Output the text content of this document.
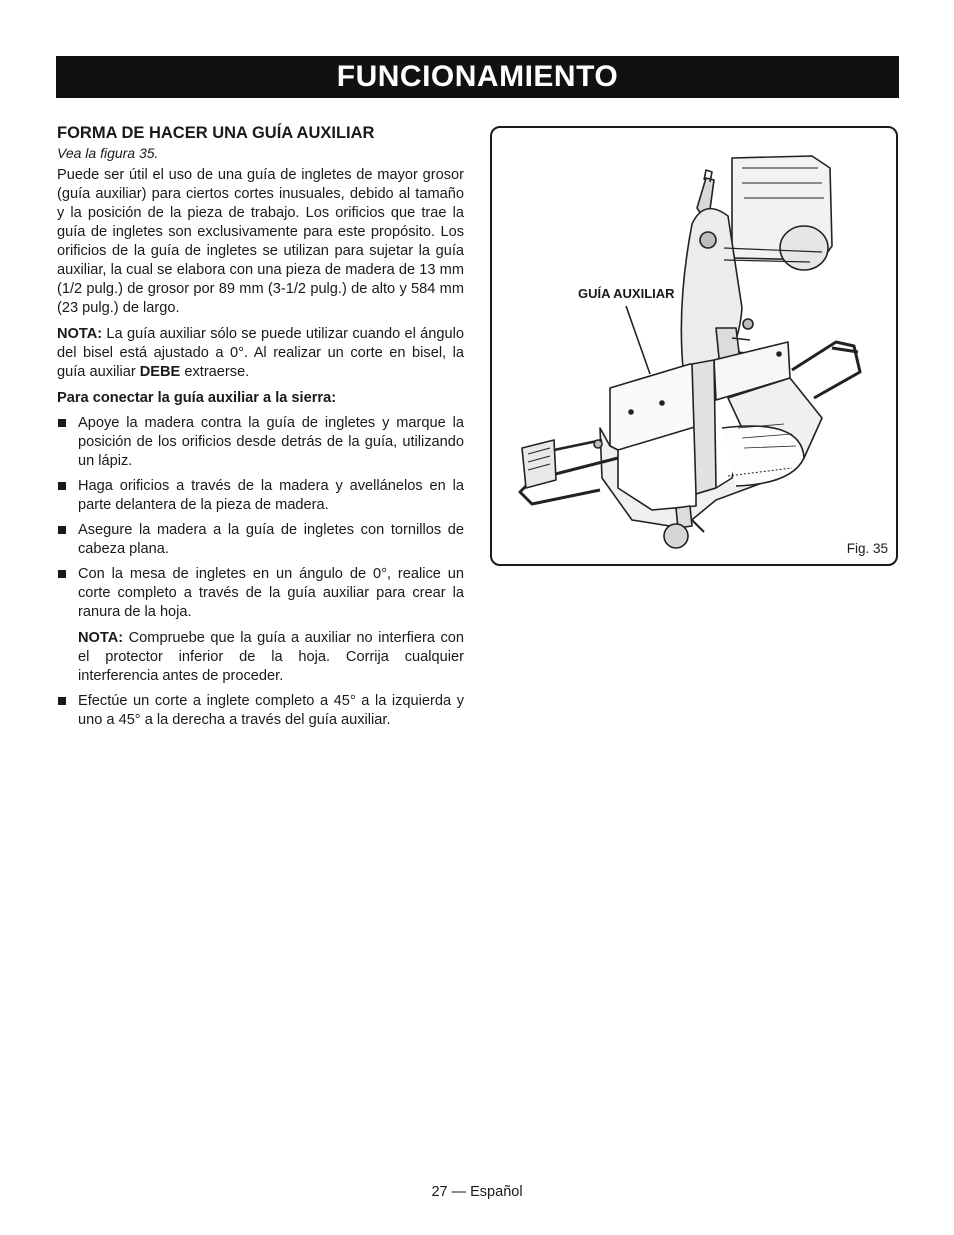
FUNCIONAMIENTO
FORMA DE HACER UNA GUÍA AUXILIAR
Vea la figura 35.

Puede ser útil el uso de una guía de ingletes de mayor grosor (guía auxiliar) para ciertos cortes inusuales, debido al tamaño y la posición de la pieza de trabajo. Los orificios que trae la guía de ingletes son exclusivamente para este propósito. Los orificios de la guía de ingletes se utilizan para sujetar la guía auxiliar, la cual se elabora con una pieza de madera de 13 mm (1/2 pulg.) de grosor por 89 mm (3-1/2 pulg.) de alto y 584 mm (23 pulg.) de largo.

NOTA: La guía auxiliar sólo se puede utilizar cuando el ángulo del bisel está ajustado a 0°. Al realizar un corte en bisel, la guía auxiliar DEBE extraerse.

Para conectar la guía auxiliar a la sierra:

Apoye la madera contra la guía de ingletes y marque la posición de los orificios desde detrás de la guía, utilizando un lápiz.
Haga orificios a través de la madera y avellánelos en la parte delantera de la pieza de madera.
Asegure la madera a la guía de ingletes con tornillos de cabeza plana.
Con la mesa de ingletes en un ángulo de 0°, realice un corte completo a través de la guía auxiliar para crear la ranura de la hoja.
NOTA: Compruebe que la guía a auxiliar no interfiera con el protector inferior de la hoja. Corrija cualquier interferencia antes de proceder.
Efectúe un corte a inglete completo a 45° a la izquierda y uno a 45° a la derecha a través del guía auxiliar.
GUÍA AUXILIAR
Fig. 35
27 — Español
